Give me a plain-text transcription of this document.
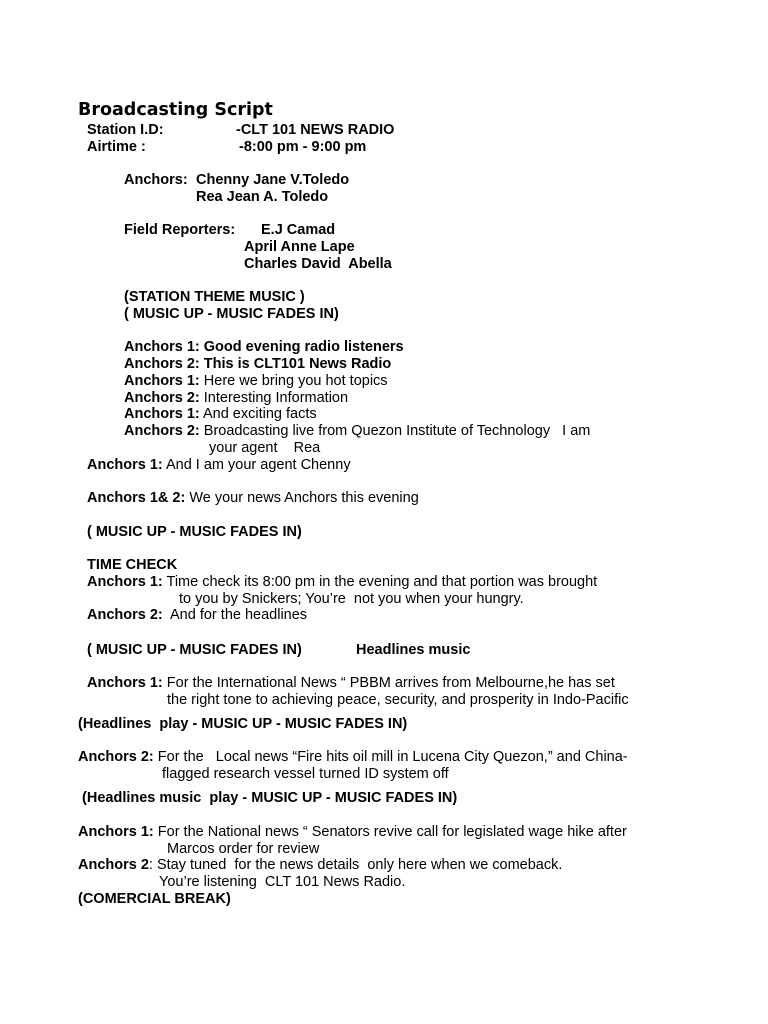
Broadcasting Script
Station I.D:	-CLT 101 NEWS RADIO
Airtime :	-8:00 pm - 9:00 pm
Anchors: Chenny Jane V.Toledo
Rea Jean A. Toledo
Field Reporters: E.J Camad
April Anne Lape
Charles David  Abella
(STATION THEME MUSIC )
( MUSIC UP - MUSIC FADES IN)
Anchors 1: Good evening radio listeners
Anchors 2: This is CLT101 News Radio
Anchors 1: Here we bring you hot topics
Anchors 2: Interesting Information
Anchors 1: And exciting facts
Anchors 2: Broadcasting live from Quezon Institute of Technology   I am
your agent    Rea
Anchors 1: And I am your agent Chenny
Anchors 1& 2: We your news Anchors this evening
( MUSIC UP - MUSIC FADES IN)
TIME CHECK
Anchors 1: Time check its 8:00 pm in the evening and that portion was brought
to you by Snickers; You’re  not you when your hungry.
Anchors 2:  And for the headlines
( MUSIC UP - MUSIC FADES IN)	Headlines music
Anchors 1: For the International News “ PBBM arrives from Melbourne,he has set
the right tone to achieving peace, security, and prosperity in Indo-Pacific
(Headlines  play - MUSIC UP - MUSIC FADES IN)
Anchors 2: For the   Local news “Fire hits oil mill in Lucena City Quezon,” and China-
flagged research vessel turned ID system off
(Headlines music  play - MUSIC UP - MUSIC FADES IN)
Anchors 1: For the National news “ Senators revive call for legislated wage hike after
Marcos order for review
Anchors 2: Stay tuned  for the news details  only here when we comeback.
You’re listening  CLT 101 News Radio.
(COMERCIAL BREAK)
